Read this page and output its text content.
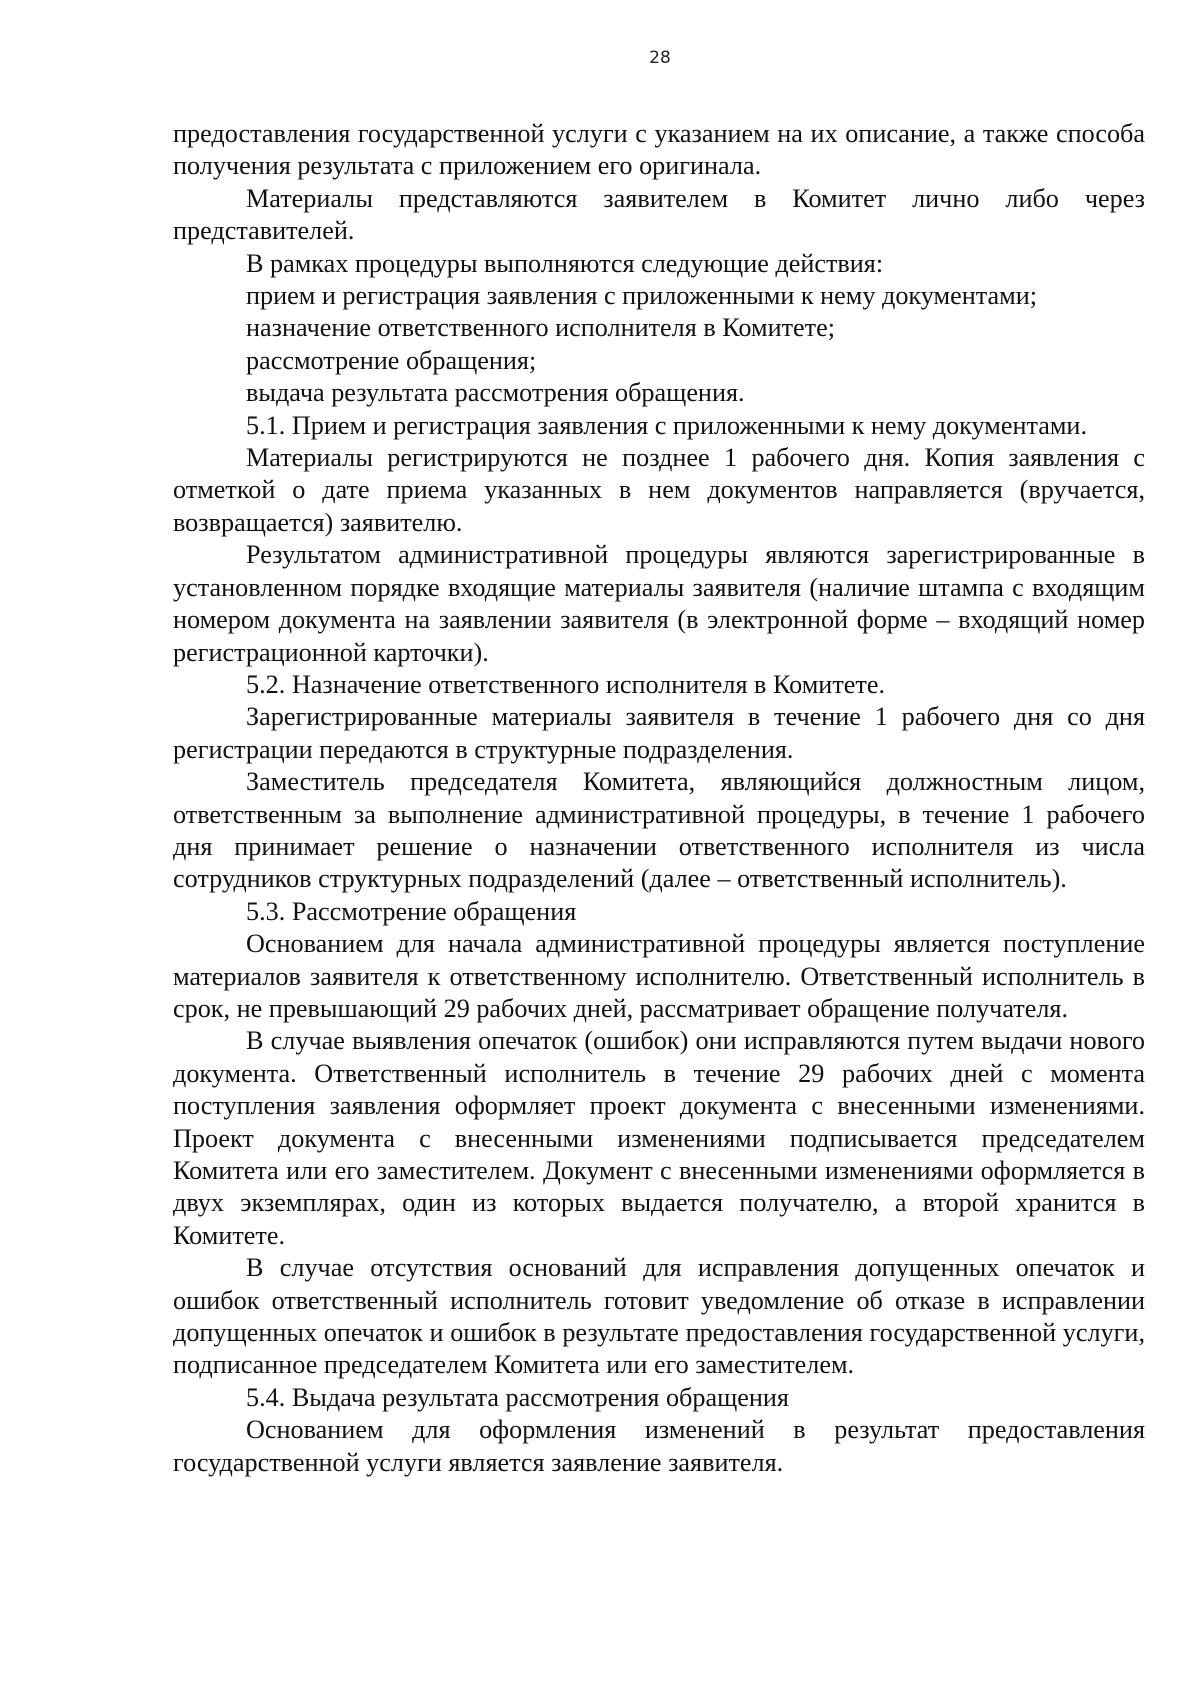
28

предоставления государственной услуги с указанием на их описание, а также способа получения результата с приложением его оригинала.

Материалы представляются заявителем в Комитет лично либо через представителей.

В рамках процедуры выполняются следующие действия:

прием и регистрация заявления с приложенными к нему документами;

назначение ответственного исполнителя в Комитете;

рассмотрение обращения;

выдача результата рассмотрения обращения.

5.1. Прием и регистрация заявления с приложенными к нему документами.

Материалы регистрируются не позднее 1 рабочего дня. Копия заявления с отметкой о дате приема указанных в нем документов направляется (вручается, возвращается) заявителю.

Результатом административной процедуры являются зарегистрированные в установленном порядке входящие материалы заявителя (наличие штампа с входящим номером документа на заявлении заявителя (в электронной форме – входящий номер регистрационной карточки).

5.2. Назначение ответственного исполнителя в Комитете.

Зарегистрированные материалы заявителя в течение 1 рабочего дня со дня регистрации передаются в структурные подразделения.

Заместитель председателя Комитета, являющийся должностным лицом, ответственным за выполнение административной процедуры, в течение 1 рабочего дня принимает решение о назначении ответственного исполнителя из числа сотрудников структурных подразделений (далее – ответственный исполнитель).

5.3. Рассмотрение обращения

Основанием для начала административной процедуры является поступление материалов заявителя к ответственному исполнителю. Ответственный исполнитель в срок, не превышающий 29 рабочих дней, рассматривает обращение получателя.

В случае выявления опечаток (ошибок) они исправляются путем выдачи нового документа. Ответственный исполнитель в течение 29 рабочих дней с момента поступления заявления оформляет проект документа с внесенными изменениями. Проект документа с внесенными изменениями подписывается председателем Комитета или его заместителем. Документ с внесенными изменениями оформляется в двух экземплярах, один из которых выдается получателю, а второй хранится в Комитете.

В случае отсутствия оснований для исправления допущенных опечаток и ошибок ответственный исполнитель готовит уведомление об отказе в исправлении допущенных опечаток и ошибок в результате предоставления государственной услуги, подписанное председателем Комитета или его заместителем.

5.4. Выдача результата рассмотрения обращения

Основанием для оформления изменений в результат предоставления государственной услуги является заявление заявителя.
